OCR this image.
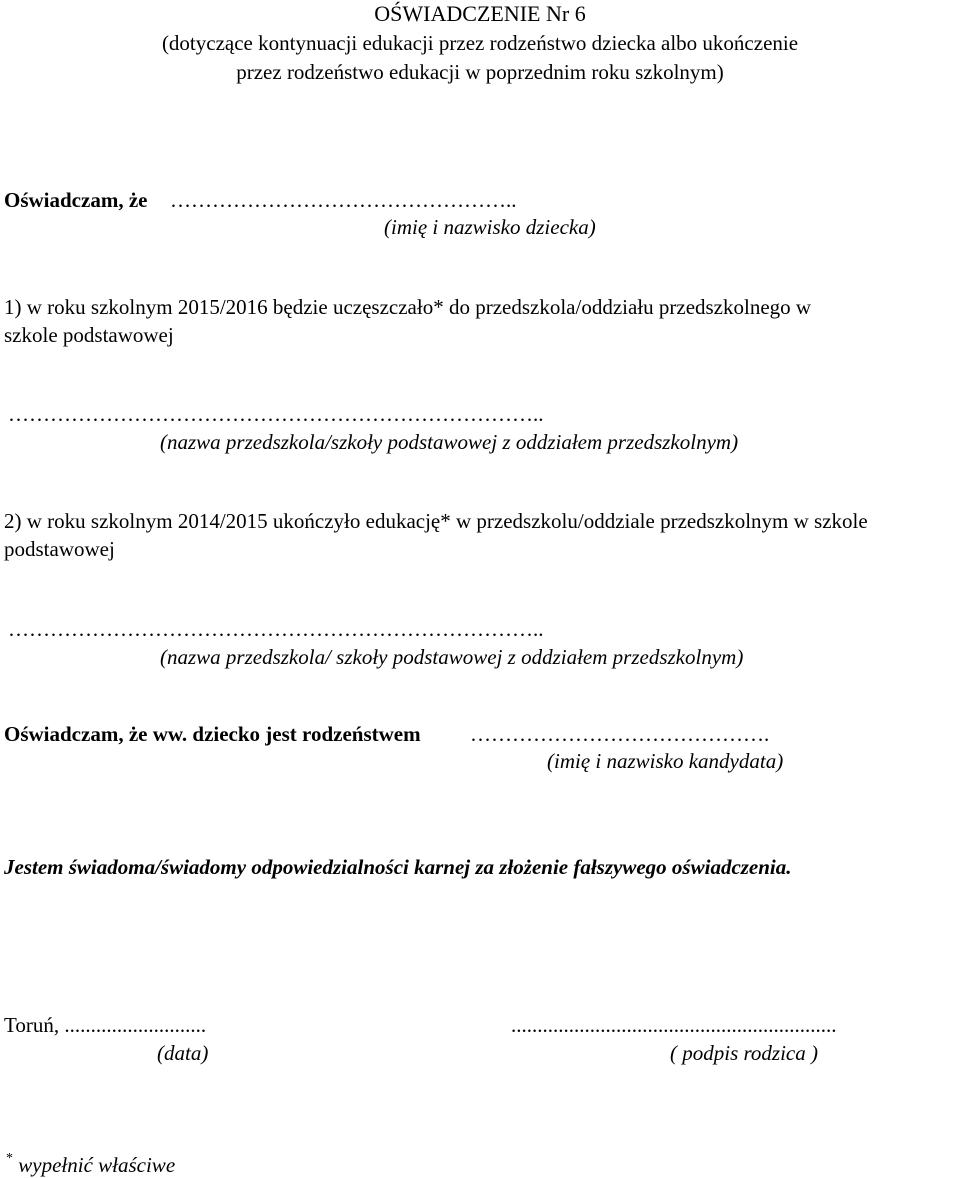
OŚWIADCZENIE Nr 6
(dotyczące kontynuacji edukacji przez rodzeństwo dziecka albo ukończenie
przez rodzeństwo edukacji w poprzednim roku szkolnym)
Oświadczam, że …………………………………………..
(imię i nazwisko dziecka)
1) w roku szkolnym 2015/2016 będzie uczęszczało* do przedszkola/oddziału przedszkolnego w
szkole podstawowej
…………………………………………………………………..
(nazwa przedszkola/szkoły podstawowej z oddziałem przedszkolnym)
2) w roku szkolnym 2014/2015 ukończyło edukację* w przedszkolu/oddziale przedszkolnym w szkole
podstawowej
…………………………………………………………………..
(nazwa przedszkola/ szkoły podstawowej z oddziałem przedszkolnym)
Oświadczam, że ww. dziecko jest rodzeństwem …………………………………….
(imię i nazwisko kandydata)
Jestem świadoma/świadomy odpowiedzialności karnej za złożenie fałszywego oświadczenia.
Toruń, ...........................
(data)
..............................................................
( podpis rodzica )
* wypełnić właściwe
